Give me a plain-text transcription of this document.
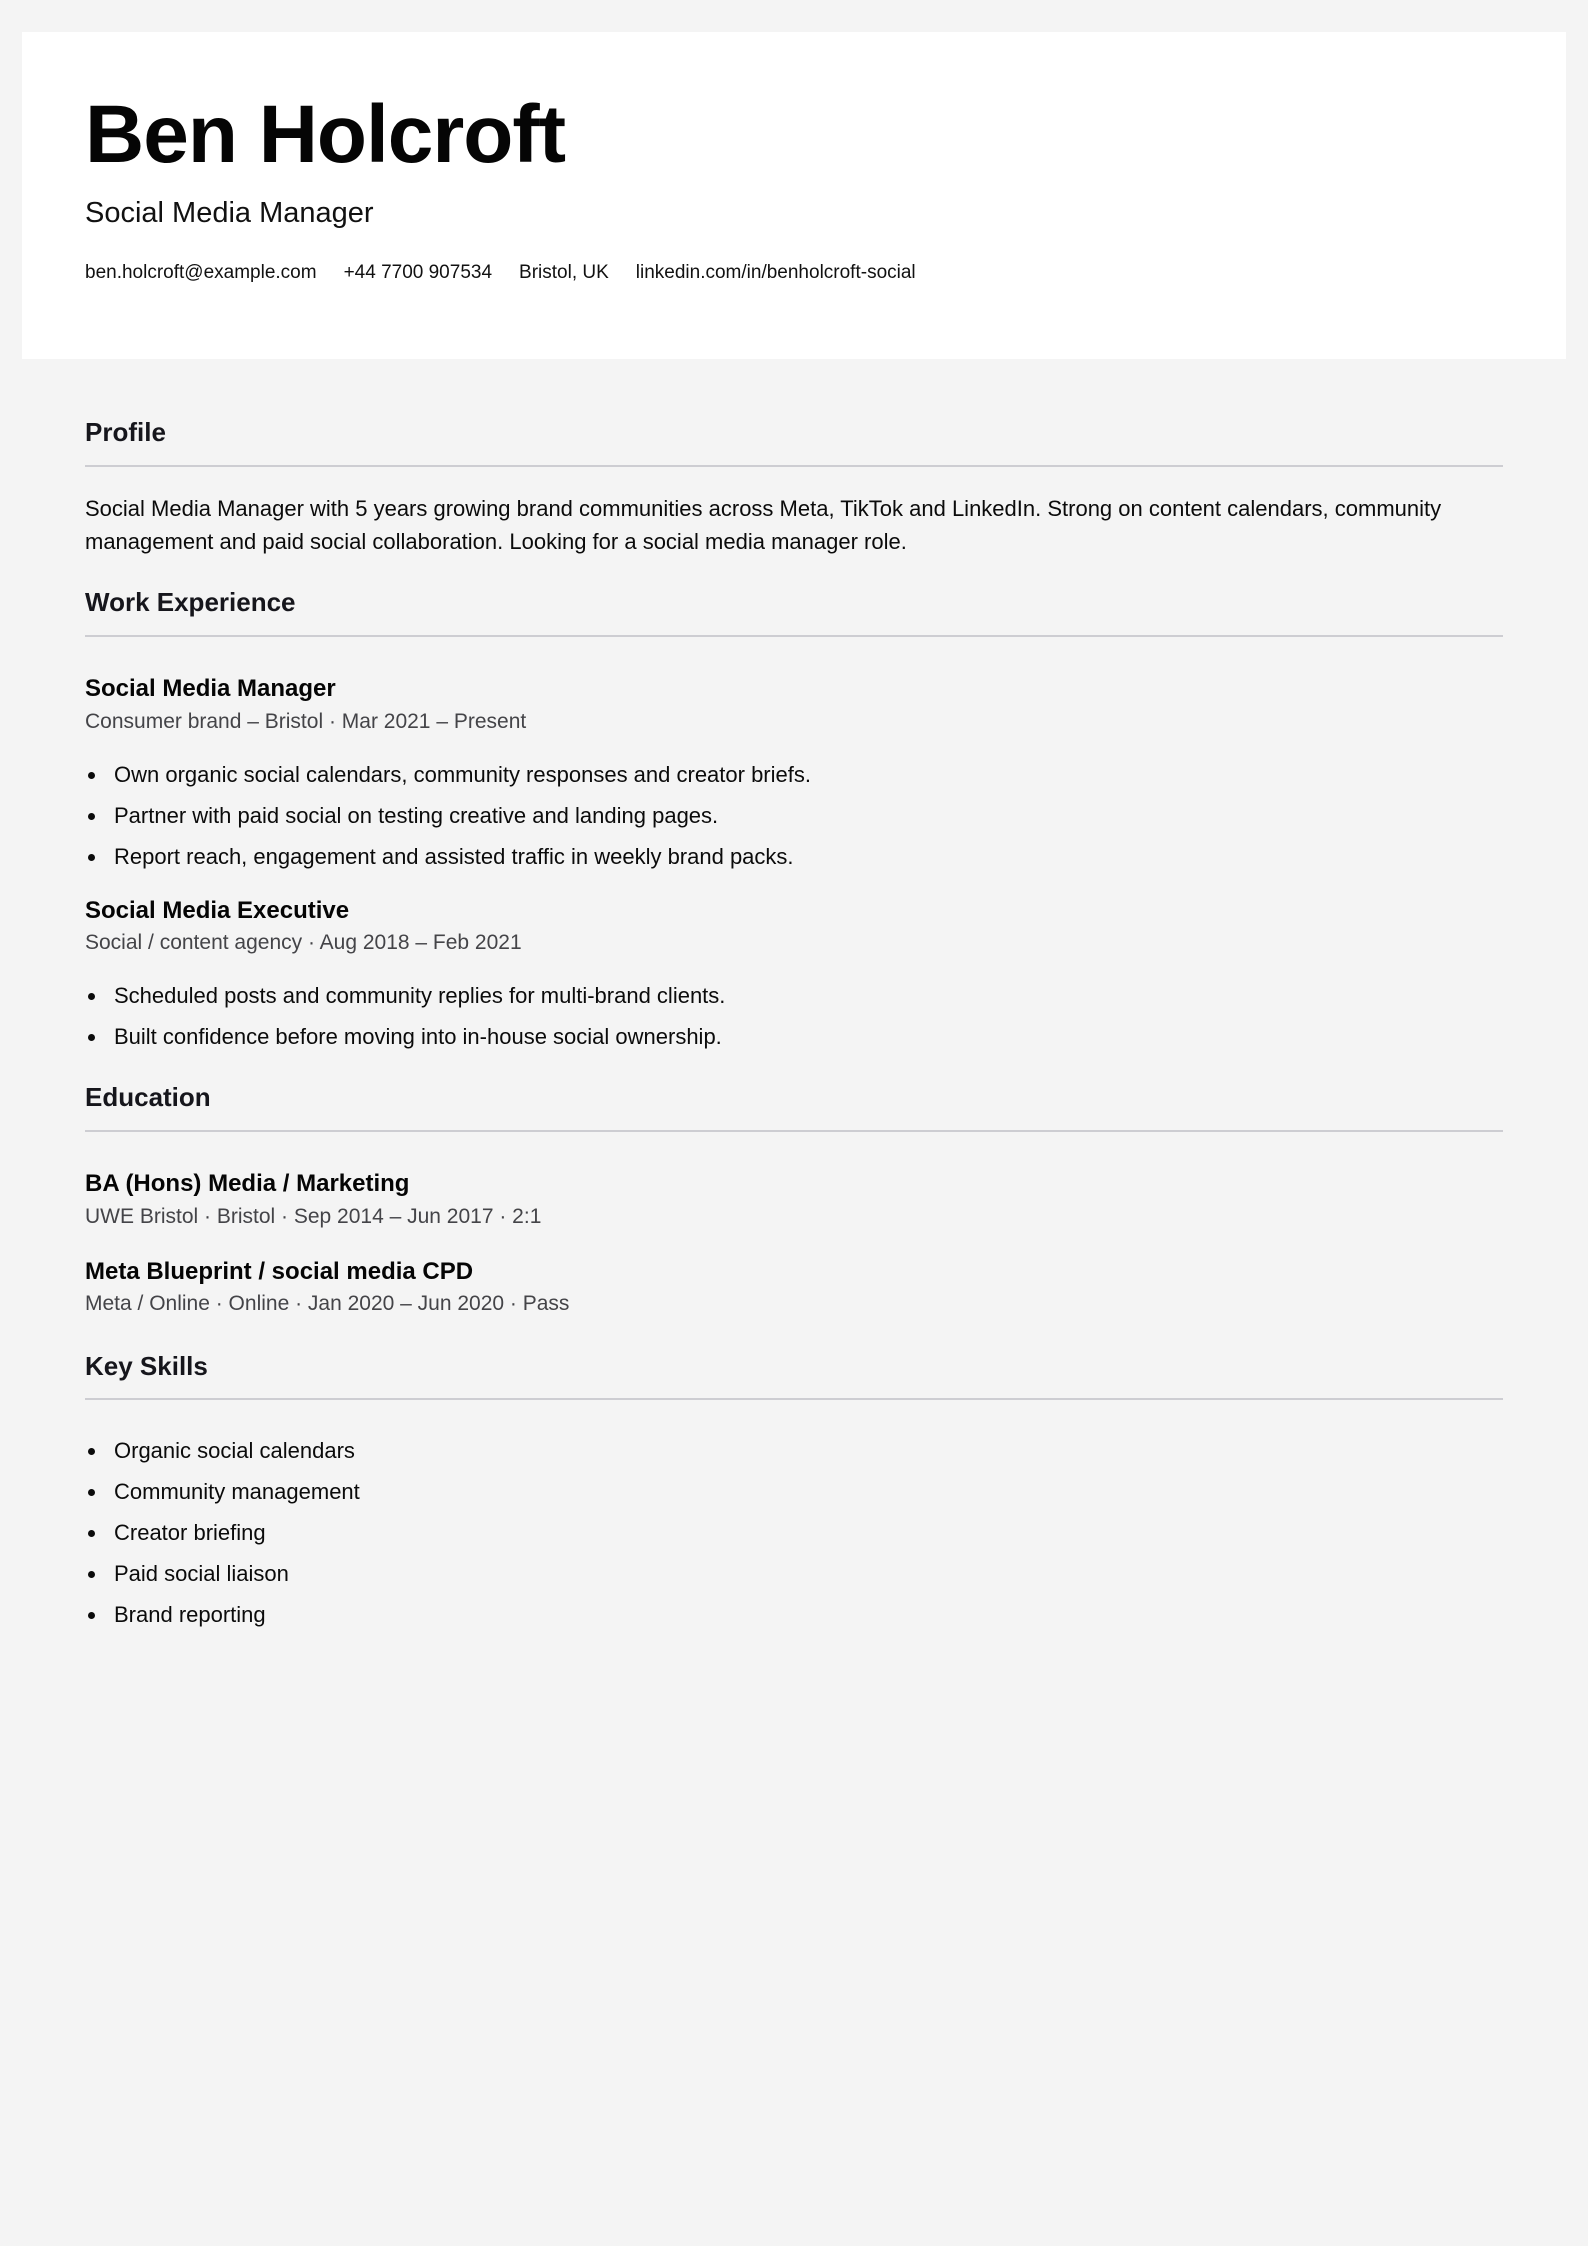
Ben Holcroft

Social Media Manager

ben.holcroft@example.com +44 7700 907534 Bristol, UK linkedin.com/in/benholcroft-social
Profile

Social Media Manager with 5 years growing brand communities across Meta, TikTok and LinkedIn. Strong on content calendars, community management and paid social collaboration. Looking for a social media manager role.

Work Experience
Social Media Manager

Consumer brand – Bristol · Mar 2021 – Present

Own organic social calendars, community responses and creator briefs.
Partner with paid social on testing creative and landing pages.
Report reach, engagement and assisted traffic in weekly brand packs.
Social Media Executive

Social / content agency · Aug 2018 – Feb 2021

Scheduled posts and community replies for multi-brand clients.
Built confidence before moving into in-house social ownership.
Education
BA (Hons) Media / Marketing

UWE Bristol · Bristol · Sep 2014 – Jun 2017 · 2:1

Meta Blueprint / social media CPD

Meta / Online · Online · Jan 2020 – Jun 2020 · Pass

Key Skills
Organic social calendars
Community management
Creator briefing
Paid social liaison
Brand reporting
